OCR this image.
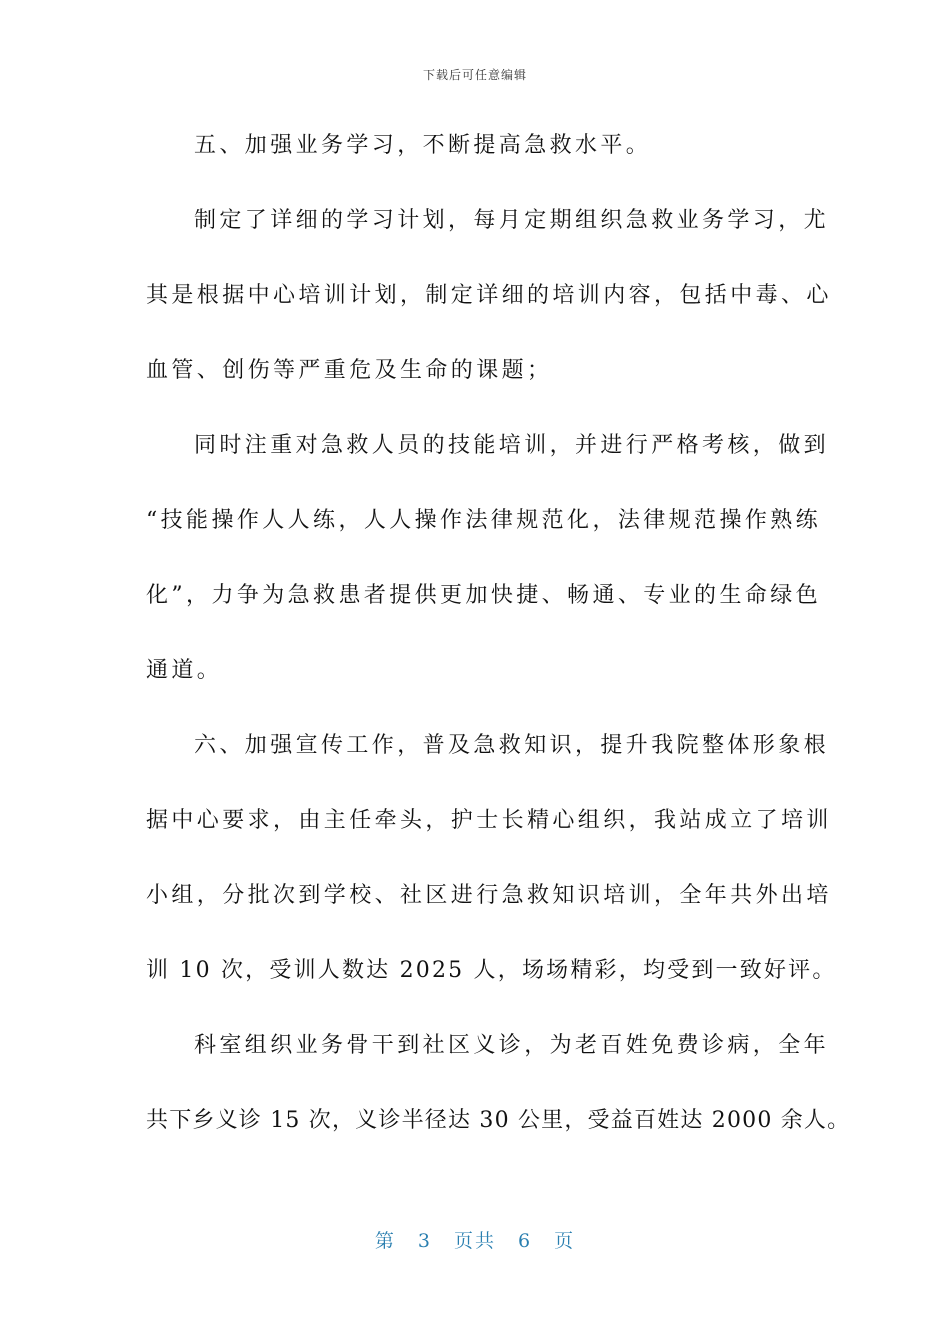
下载后可任意编辑
五、加强业务学习，不断提高急救水平。
制定了详细的学习计划，每月定期组织急救业务学习，尤
其是根据中心培训计划，制定详细的培训内容，包括中毒、心
血管、创伤等严重危及生命的课题；
同时注重对急救人员的技能培训，并进行严格考核，做到
“技能操作人人练，人人操作法律规范化，法律规范操作熟练
化”，力争为急救患者提供更加快捷、畅通、专业的生命绿色
通道。
六、加强宣传工作，普及急救知识，提升我院整体形象根
据中心要求，由主任牵头，护士长精心组织，我站成立了培训
小组，分批次到学校、社区进行急救知识培训，全年共外出培
训 10 次，受训人数达 2025 人，场场精彩，均受到一致好评。
科室组织业务骨干到社区义诊，为老百姓免费诊病，全年
共下乡义诊 15 次，义诊半径达 30 公里，受益百姓达 2000 余人。
第 3 页共 6 页
